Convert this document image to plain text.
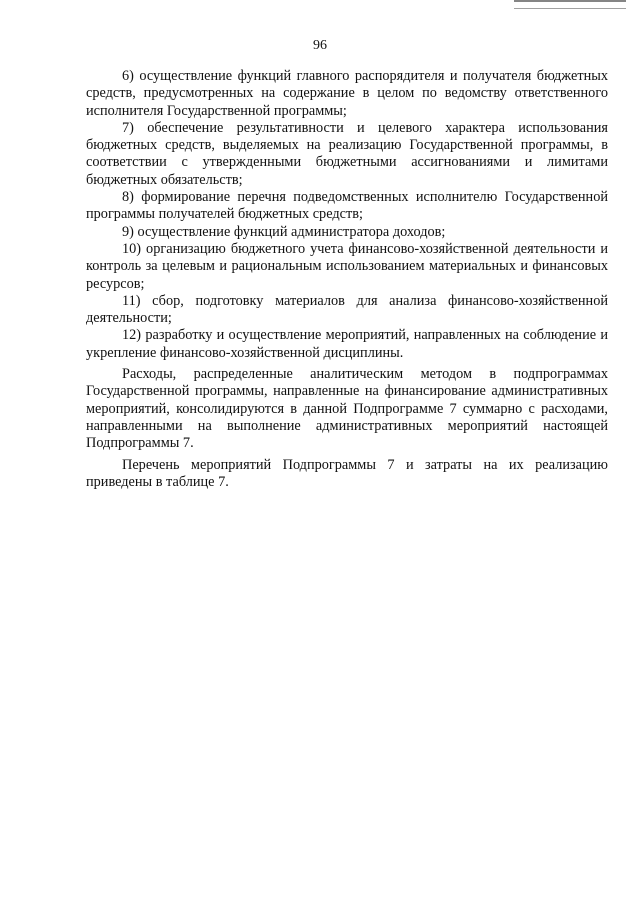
96

6) осуществление функций главного распорядителя и получателя бюджетных средств, предусмотренных на содержание в целом по ведомству ответственного исполнителя Государственной программы;

7) обеспечение результативности и целевого характера использования бюджетных средств, выделяемых на реализацию Государственной программы, в соответствии с утвержденными бюджетными ассигнованиями и лимитами бюджетных обязательств;

8) формирование перечня подведомственных исполнителю Государственной программы получателей бюджетных средств;

9) осуществление функций администратора доходов;

10) организацию бюджетного учета финансово-хозяйственной деятельности и контроль за целевым и рациональным использованием материальных и финансовых ресурсов;

11) сбор, подготовку материалов для анализа финансово-хозяйственной деятельности;

12) разработку и осуществление мероприятий, направленных на соблюдение и укрепление финансово-хозяйственной дисциплины.

Расходы, распределенные аналитическим методом в подпрограммах Государственной программы, направленные на финансирование административных мероприятий, консолидируются в данной Подпрограмме 7 суммарно с расходами, направленными на выполнение административных мероприятий настоящей Подпрограммы 7.

Перечень мероприятий Подпрограммы 7 и затраты на их реализацию приведены в таблице 7.
